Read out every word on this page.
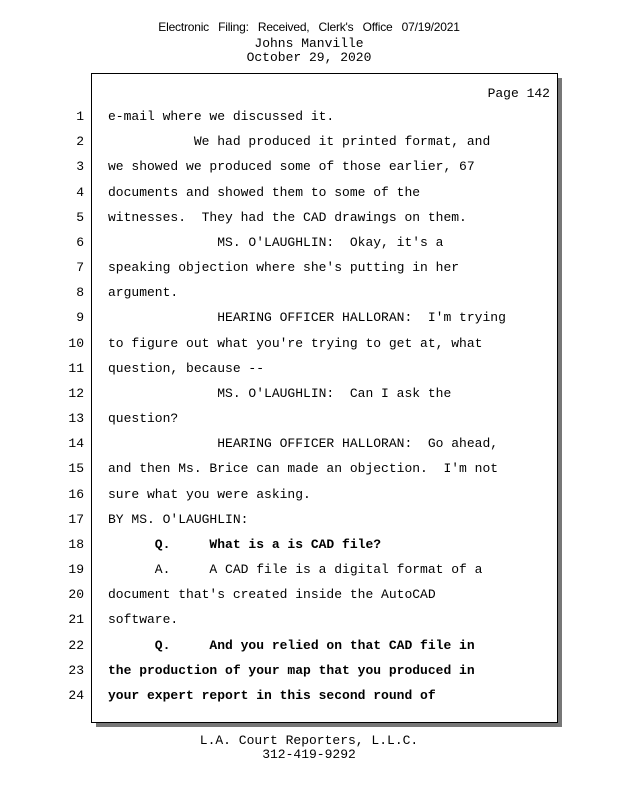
Electronic Filing: Received, Clerk's Office 07/19/2021
Johns Manville
October 29, 2020
Page 142
1 e-mail where we discussed it.
2 We had produced it printed format, and
3 we showed we produced some of those earlier, 67
4 documents and showed them to some of the
5 witnesses.  They had the CAD drawings on them.
6 MS. O'LAUGHLIN:  Okay, it's a
7 speaking objection where she's putting in her
8 argument.
9 HEARING OFFICER HALLORAN:  I'm trying
10 to figure out what you're trying to get at, what
11 question, because --
12 MS. O'LAUGHLIN:  Can I ask the
13 question?
14 HEARING OFFICER HALLORAN:  Go ahead,
15 and then Ms. Brice can made an objection.  I'm not
16 sure what you were asking.
17 BY MS. O'LAUGHLIN:
18 Q.     What is a is CAD file?
19 A.     A CAD file is a digital format of a
20 document that's created inside the AutoCAD
21 software.
22 Q.     And you relied on that CAD file in
23 the production of your map that you produced in
24 your expert report in this second round of
L.A. Court Reporters, L.L.C.
312-419-9292
